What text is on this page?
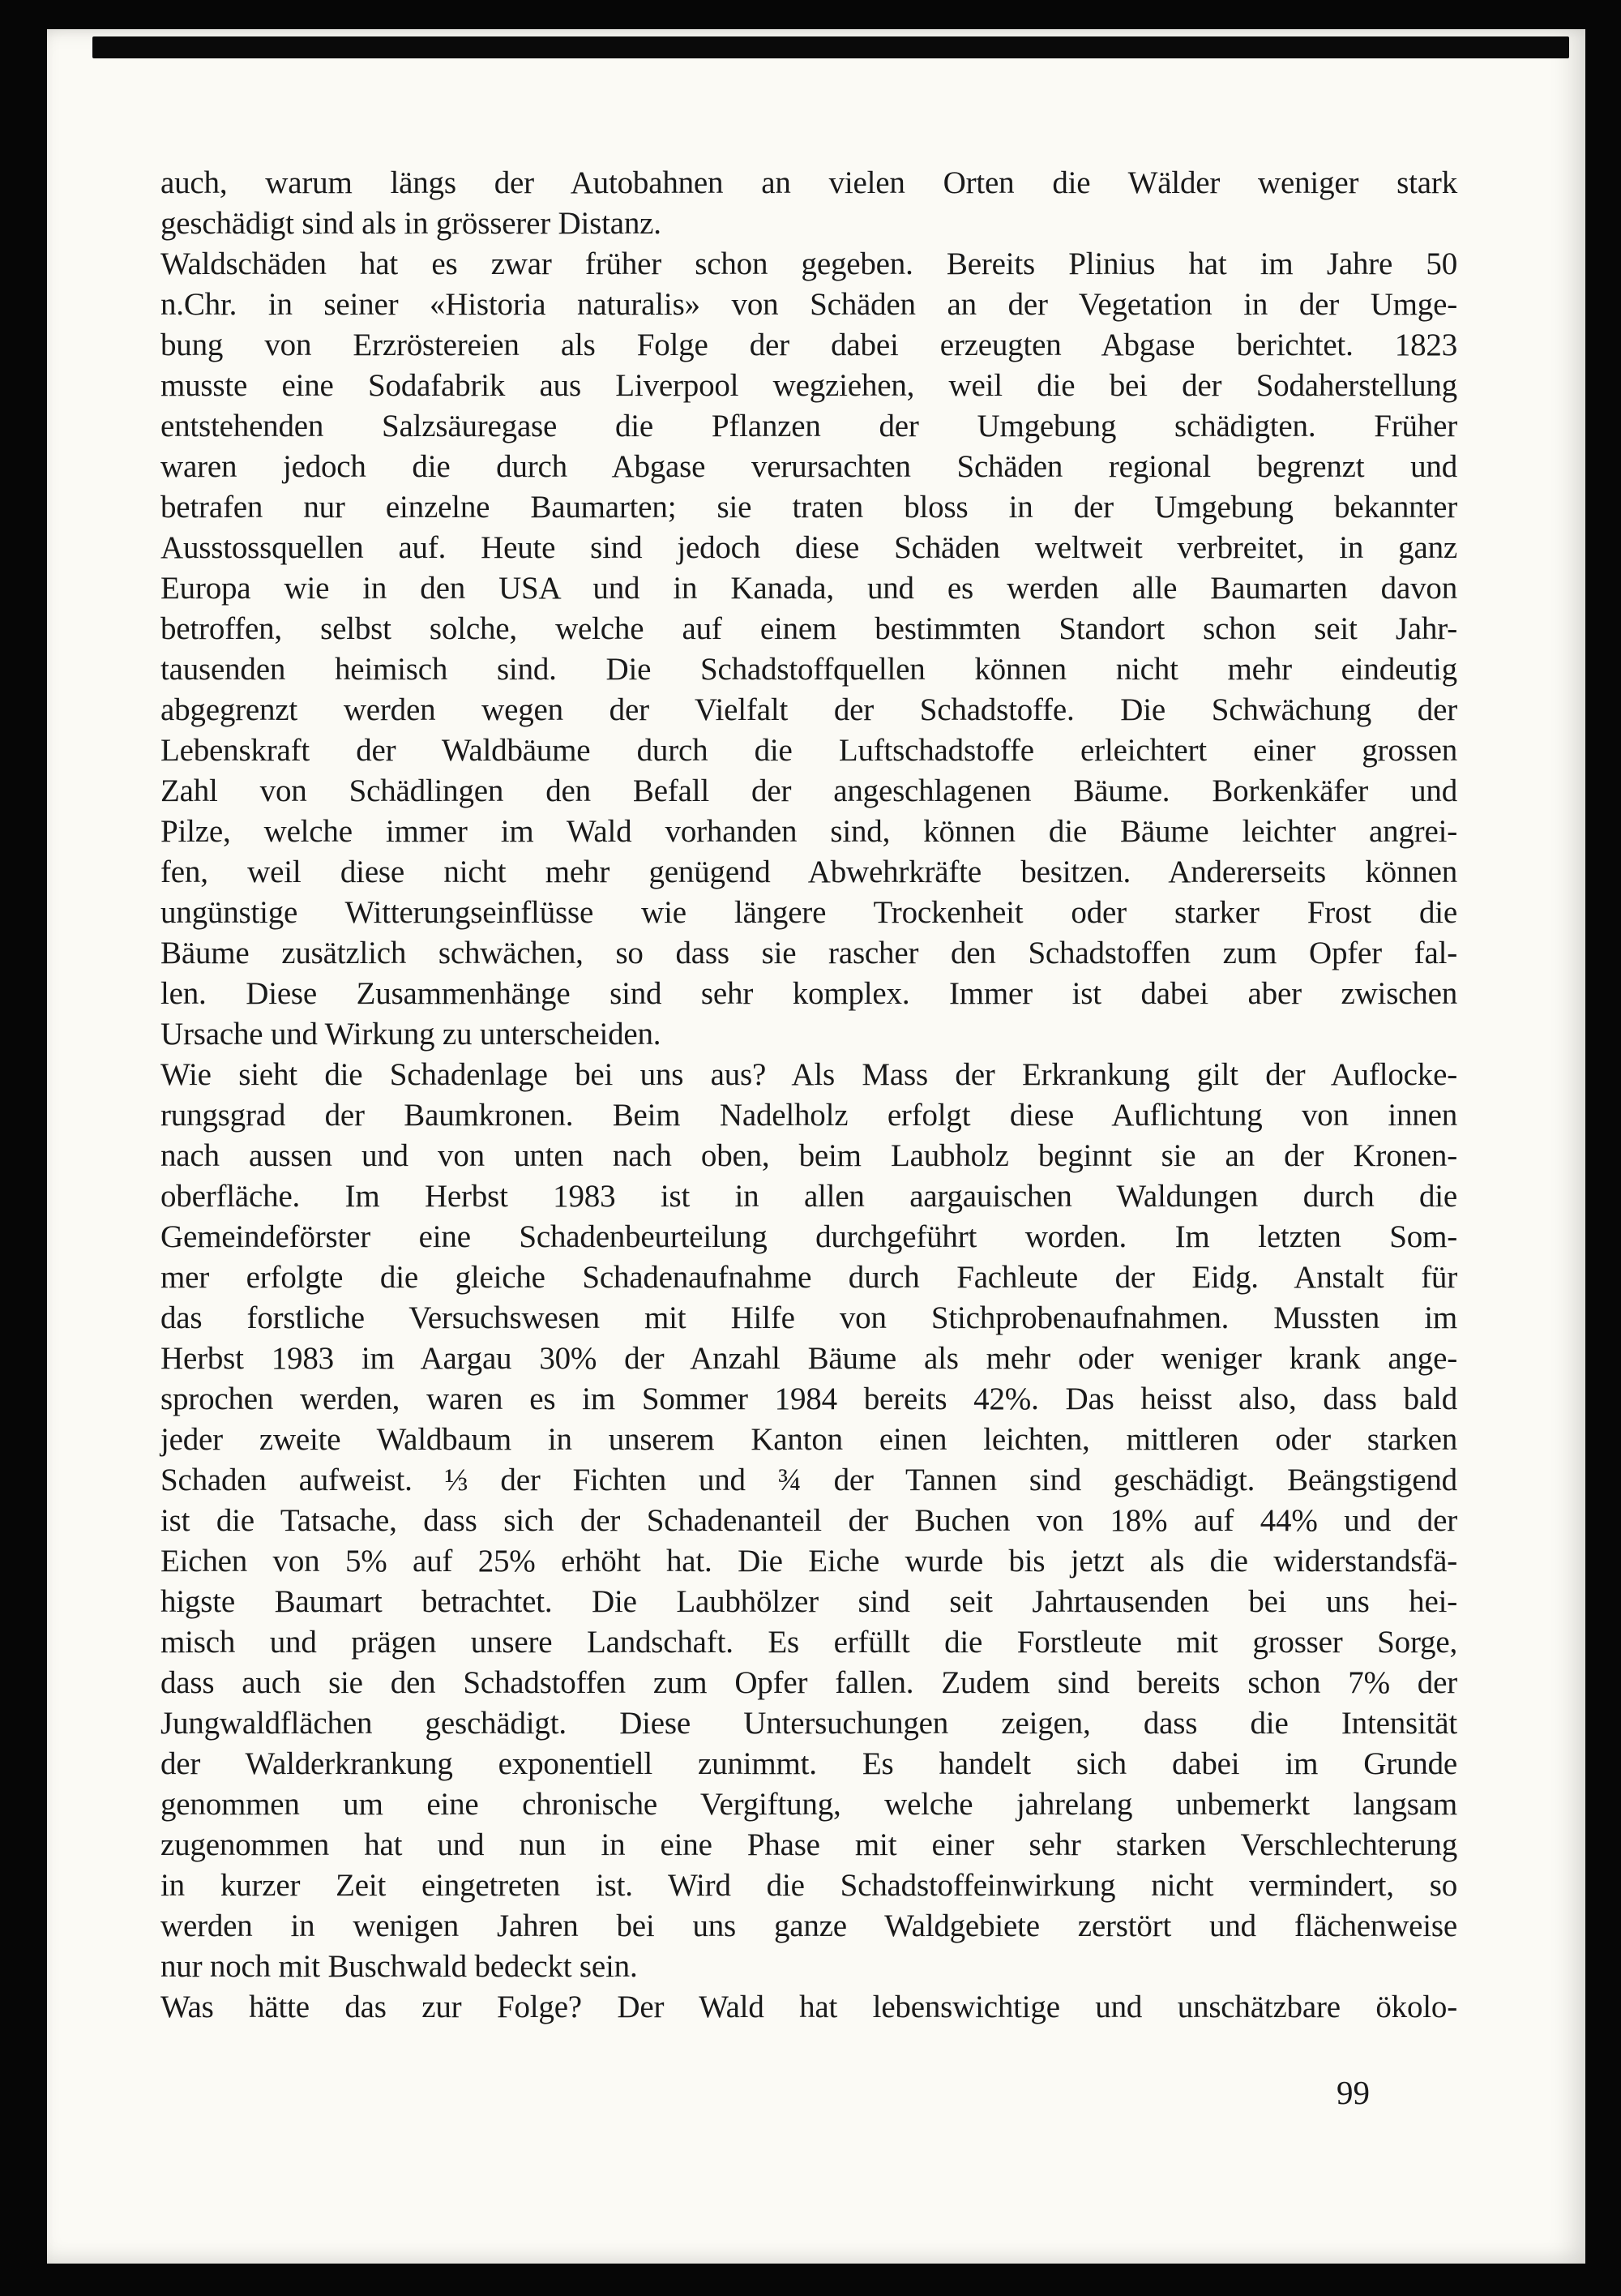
auch, warum längs der Autobahnen an vielen Orten die Wälder weniger stark
geschädigt sind als in grösserer Distanz.
Waldschäden hat es zwar früher schon gegeben. Bereits Plinius hat im Jahre 50
n.Chr. in seiner «Historia naturalis» von Schäden an der Vegetation in der Umge-
bung von Erzröstereien als Folge der dabei erzeugten Abgase berichtet. 1823
musste eine Sodafabrik aus Liverpool wegziehen, weil die bei der Sodaherstellung
entstehenden Salzsäuregase die Pflanzen der Umgebung schädigten. Früher
waren jedoch die durch Abgase verursachten Schäden regional begrenzt und
betrafen nur einzelne Baumarten; sie traten bloss in der Umgebung bekannter
Ausstossquellen auf. Heute sind jedoch diese Schäden weltweit verbreitet, in ganz
Europa wie in den USA und in Kanada, und es werden alle Baumarten davon
betroffen, selbst solche, welche auf einem bestimmten Standort schon seit Jahr-
tausenden heimisch sind. Die Schadstoffquellen können nicht mehr eindeutig
abgegrenzt werden wegen der Vielfalt der Schadstoffe. Die Schwächung der
Lebenskraft der Waldbäume durch die Luftschadstoffe erleichtert einer grossen
Zahl von Schädlingen den Befall der angeschlagenen Bäume. Borkenkäfer und
Pilze, welche immer im Wald vorhanden sind, können die Bäume leichter angrei-
fen, weil diese nicht mehr genügend Abwehrkräfte besitzen. Andererseits können
ungünstige Witterungseinflüsse wie längere Trockenheit oder starker Frost die
Bäume zusätzlich schwächen, so dass sie rascher den Schadstoffen zum Opfer fal-
len. Diese Zusammenhänge sind sehr komplex. Immer ist dabei aber zwischen
Ursache und Wirkung zu unterscheiden.
Wie sieht die Schadenlage bei uns aus? Als Mass der Erkrankung gilt der Auflocke-
rungsgrad der Baumkronen. Beim Nadelholz erfolgt diese Auflichtung von innen
nach aussen und von unten nach oben, beim Laubholz beginnt sie an der Kronen-
oberfläche. Im Herbst 1983 ist in allen aargauischen Waldungen durch die
Gemeindeförster eine Schadenbeurteilung durchgeführt worden. Im letzten Som-
mer erfolgte die gleiche Schadenaufnahme durch Fachleute der Eidg. Anstalt für
das forstliche Versuchswesen mit Hilfe von Stichprobenaufnahmen. Mussten im
Herbst 1983 im Aargau 30% der Anzahl Bäume als mehr oder weniger krank ange-
sprochen werden, waren es im Sommer 1984 bereits 42%. Das heisst also, dass bald
jeder zweite Waldbaum in unserem Kanton einen leichten, mittleren oder starken
Schaden aufweist. ⅓ der Fichten und ¾ der Tannen sind geschädigt. Beängstigend
ist die Tatsache, dass sich der Schadenanteil der Buchen von 18% auf 44% und der
Eichen von 5% auf 25% erhöht hat. Die Eiche wurde bis jetzt als die widerstandsfä-
higste Baumart betrachtet. Die Laubhölzer sind seit Jahrtausenden bei uns hei-
misch und prägen unsere Landschaft. Es erfüllt die Forstleute mit grosser Sorge,
dass auch sie den Schadstoffen zum Opfer fallen. Zudem sind bereits schon 7% der
Jungwaldflächen geschädigt. Diese Untersuchungen zeigen, dass die Intensität
der Walderkrankung exponentiell zunimmt. Es handelt sich dabei im Grunde
genommen um eine chronische Vergiftung, welche jahrelang unbemerkt langsam
zugenommen hat und nun in eine Phase mit einer sehr starken Verschlechterung
in kurzer Zeit eingetreten ist. Wird die Schadstoffeinwirkung nicht vermindert, so
werden in wenigen Jahren bei uns ganze Waldgebiete zerstört und flächenweise
nur noch mit Buschwald bedeckt sein.
Was hätte das zur Folge? Der Wald hat lebenswichtige und unschätzbare ökolo-
99
